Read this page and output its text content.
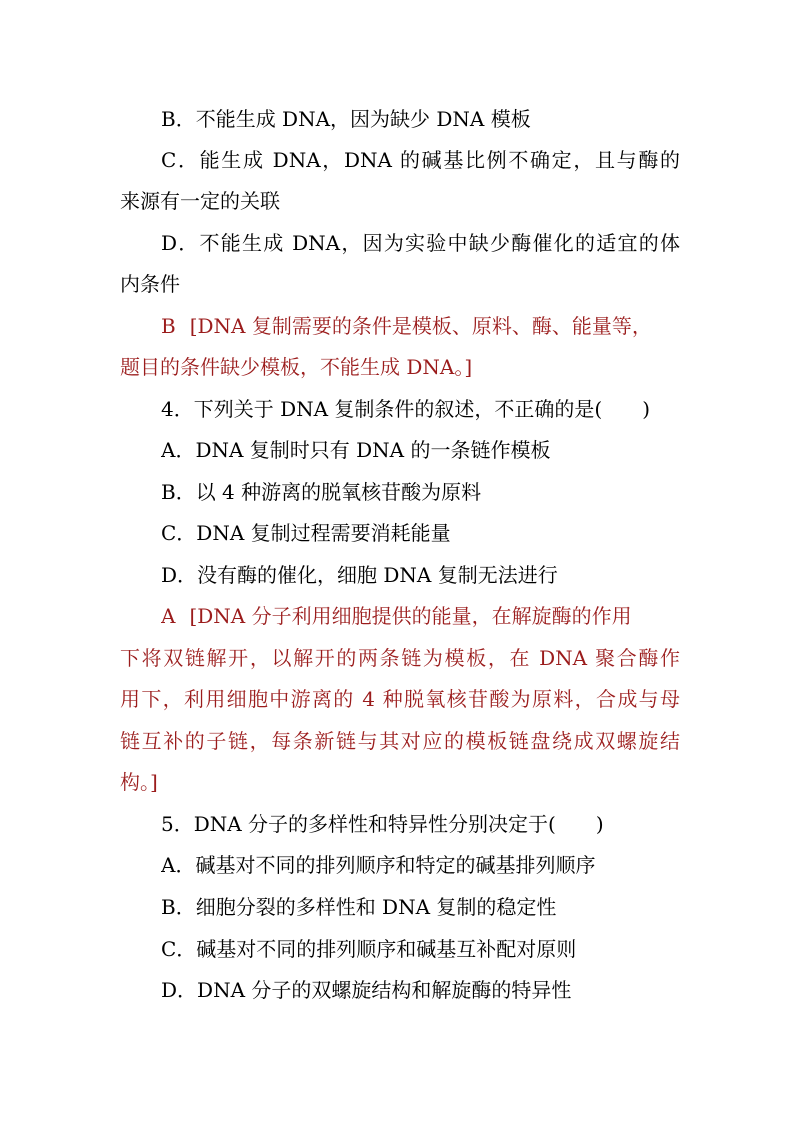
B．不能生成 DNA，因为缺少 DNA 模板
C．能生成 DNA，DNA 的碱基比例不确定，且与酶的
来源有一定的关联
D．不能生成 DNA，因为实验中缺少酶催化的适宜的体
内条件
B [DNA 复制需要的条件是模板、原料、酶、能量等，
题目的条件缺少模板，不能生成 DNA。]
4．下列关于 DNA 复制条件的叙述，不正确的是(　　)
A．DNA 复制时只有 DNA 的一条链作模板
B．以 4 种游离的脱氧核苷酸为原料
C．DNA 复制过程需要消耗能量
D．没有酶的催化，细胞 DNA 复制无法进行
A [DNA 分子利用细胞提供的能量，在解旋酶的作用
下将双链解开，以解开的两条链为模板，在 DNA 聚合酶作
用下，利用细胞中游离的 4 种脱氧核苷酸为原料，合成与母
链互补的子链，每条新链与其对应的模板链盘绕成双螺旋结
构。]
5．DNA 分子的多样性和特异性分别决定于(　　)
A．碱基对不同的排列顺序和特定的碱基排列顺序
B．细胞分裂的多样性和 DNA 复制的稳定性
C．碱基对不同的排列顺序和碱基互补配对原则
D．DNA 分子的双螺旋结构和解旋酶的特异性
